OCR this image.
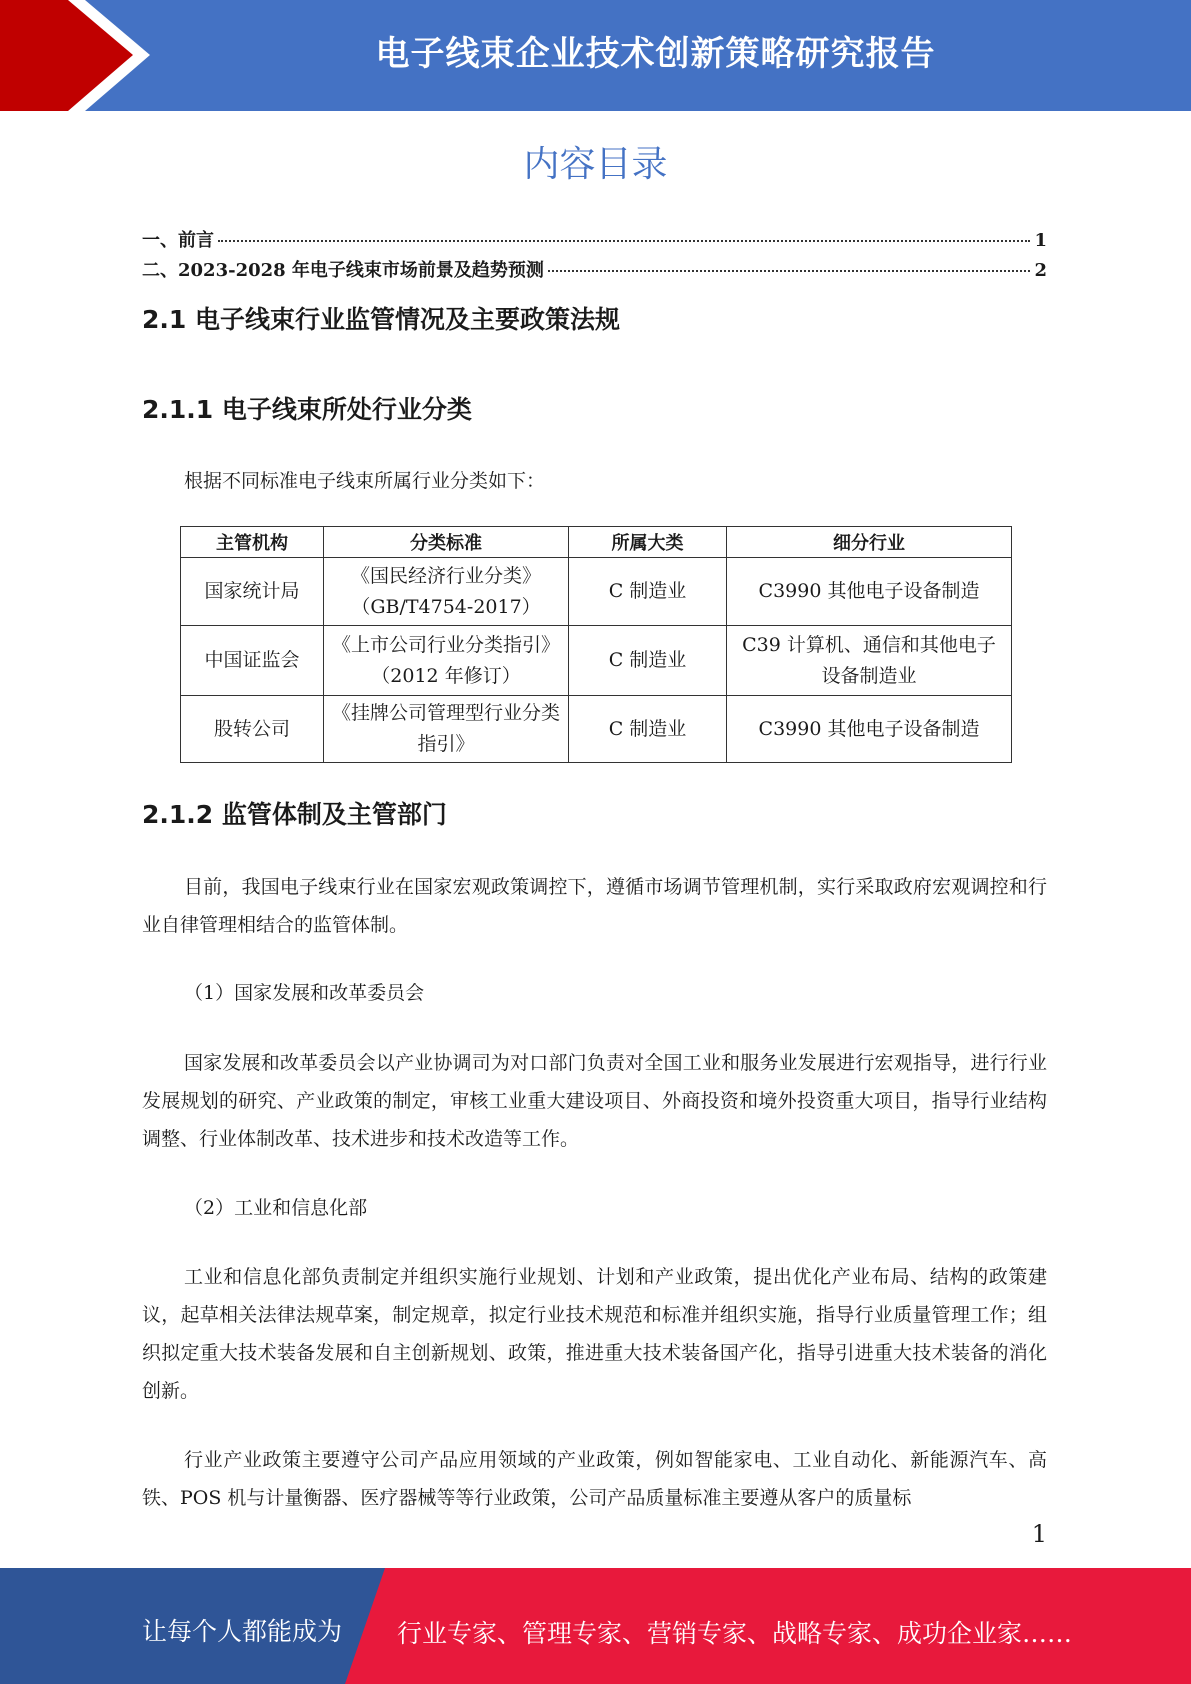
电子线束企业技术创新策略研究报告
内容目录
一、前言	1
二、2023-2028 年电子线束市场前景及趋势预测	2
2.1 电子线束行业监管情况及主要政策法规
2.1.1 电子线束所处行业分类
根据不同标准电子线束所属行业分类如下：
主管机构	分类标准	所属大类	细分行业
国家统计局	《国民经济行业分类》（GB/T4754-2017）	C 制造业	C3990 其他电子设备制造
中国证监会	《上市公司行业分类指引》（2012 年修订）	C 制造业	C39 计算机、通信和其他电子 设备制造业
股转公司	《挂牌公司管理型行业分类指引》	C 制造业	C3990 其他电子设备制造
2.1.2 监管体制及主管部门
目前，我国电子线束行业在国家宏观政策调控下，遵循市场调节管理机制，实行采取政府宏观调控和行业自律管理相结合的监管体制。
（1）国家发展和改革委员会
国家发展和改革委员会以产业协调司为对口部门负责对全国工业和服务业发展进行宏观指导，进行行业发展规划的研究、产业政策的制定，审核工业重大建设项目、外商投资和境外投资重大项目，指导行业结构调整、行业体制改革、技术进步和技术改造等工作。
（2）工业和信息化部
工业和信息化部负责制定并组织实施行业规划、计划和产业政策，提出优化产业布局、结构的政策建议，起草相关法律法规草案，制定规章，拟定行业技术规范和标准并组织实施，指导行业质量管理工作；组织拟定重大技术装备发展和自主创新规划、政策，推进重大技术装备国产化，指导引进重大技术装备的消化创新。
行业产业政策主要遵守公司产品应用领域的产业政策，例如智能家电、工业自动化、新能源汽车、高铁、POS 机与计量衡器、医疗器械等等行业政策，公司产品质量标准主要遵从客户的质量标
1
让每个人都能成为 行业专家、管理专家、营销专家、战略专家、成功企业家……
